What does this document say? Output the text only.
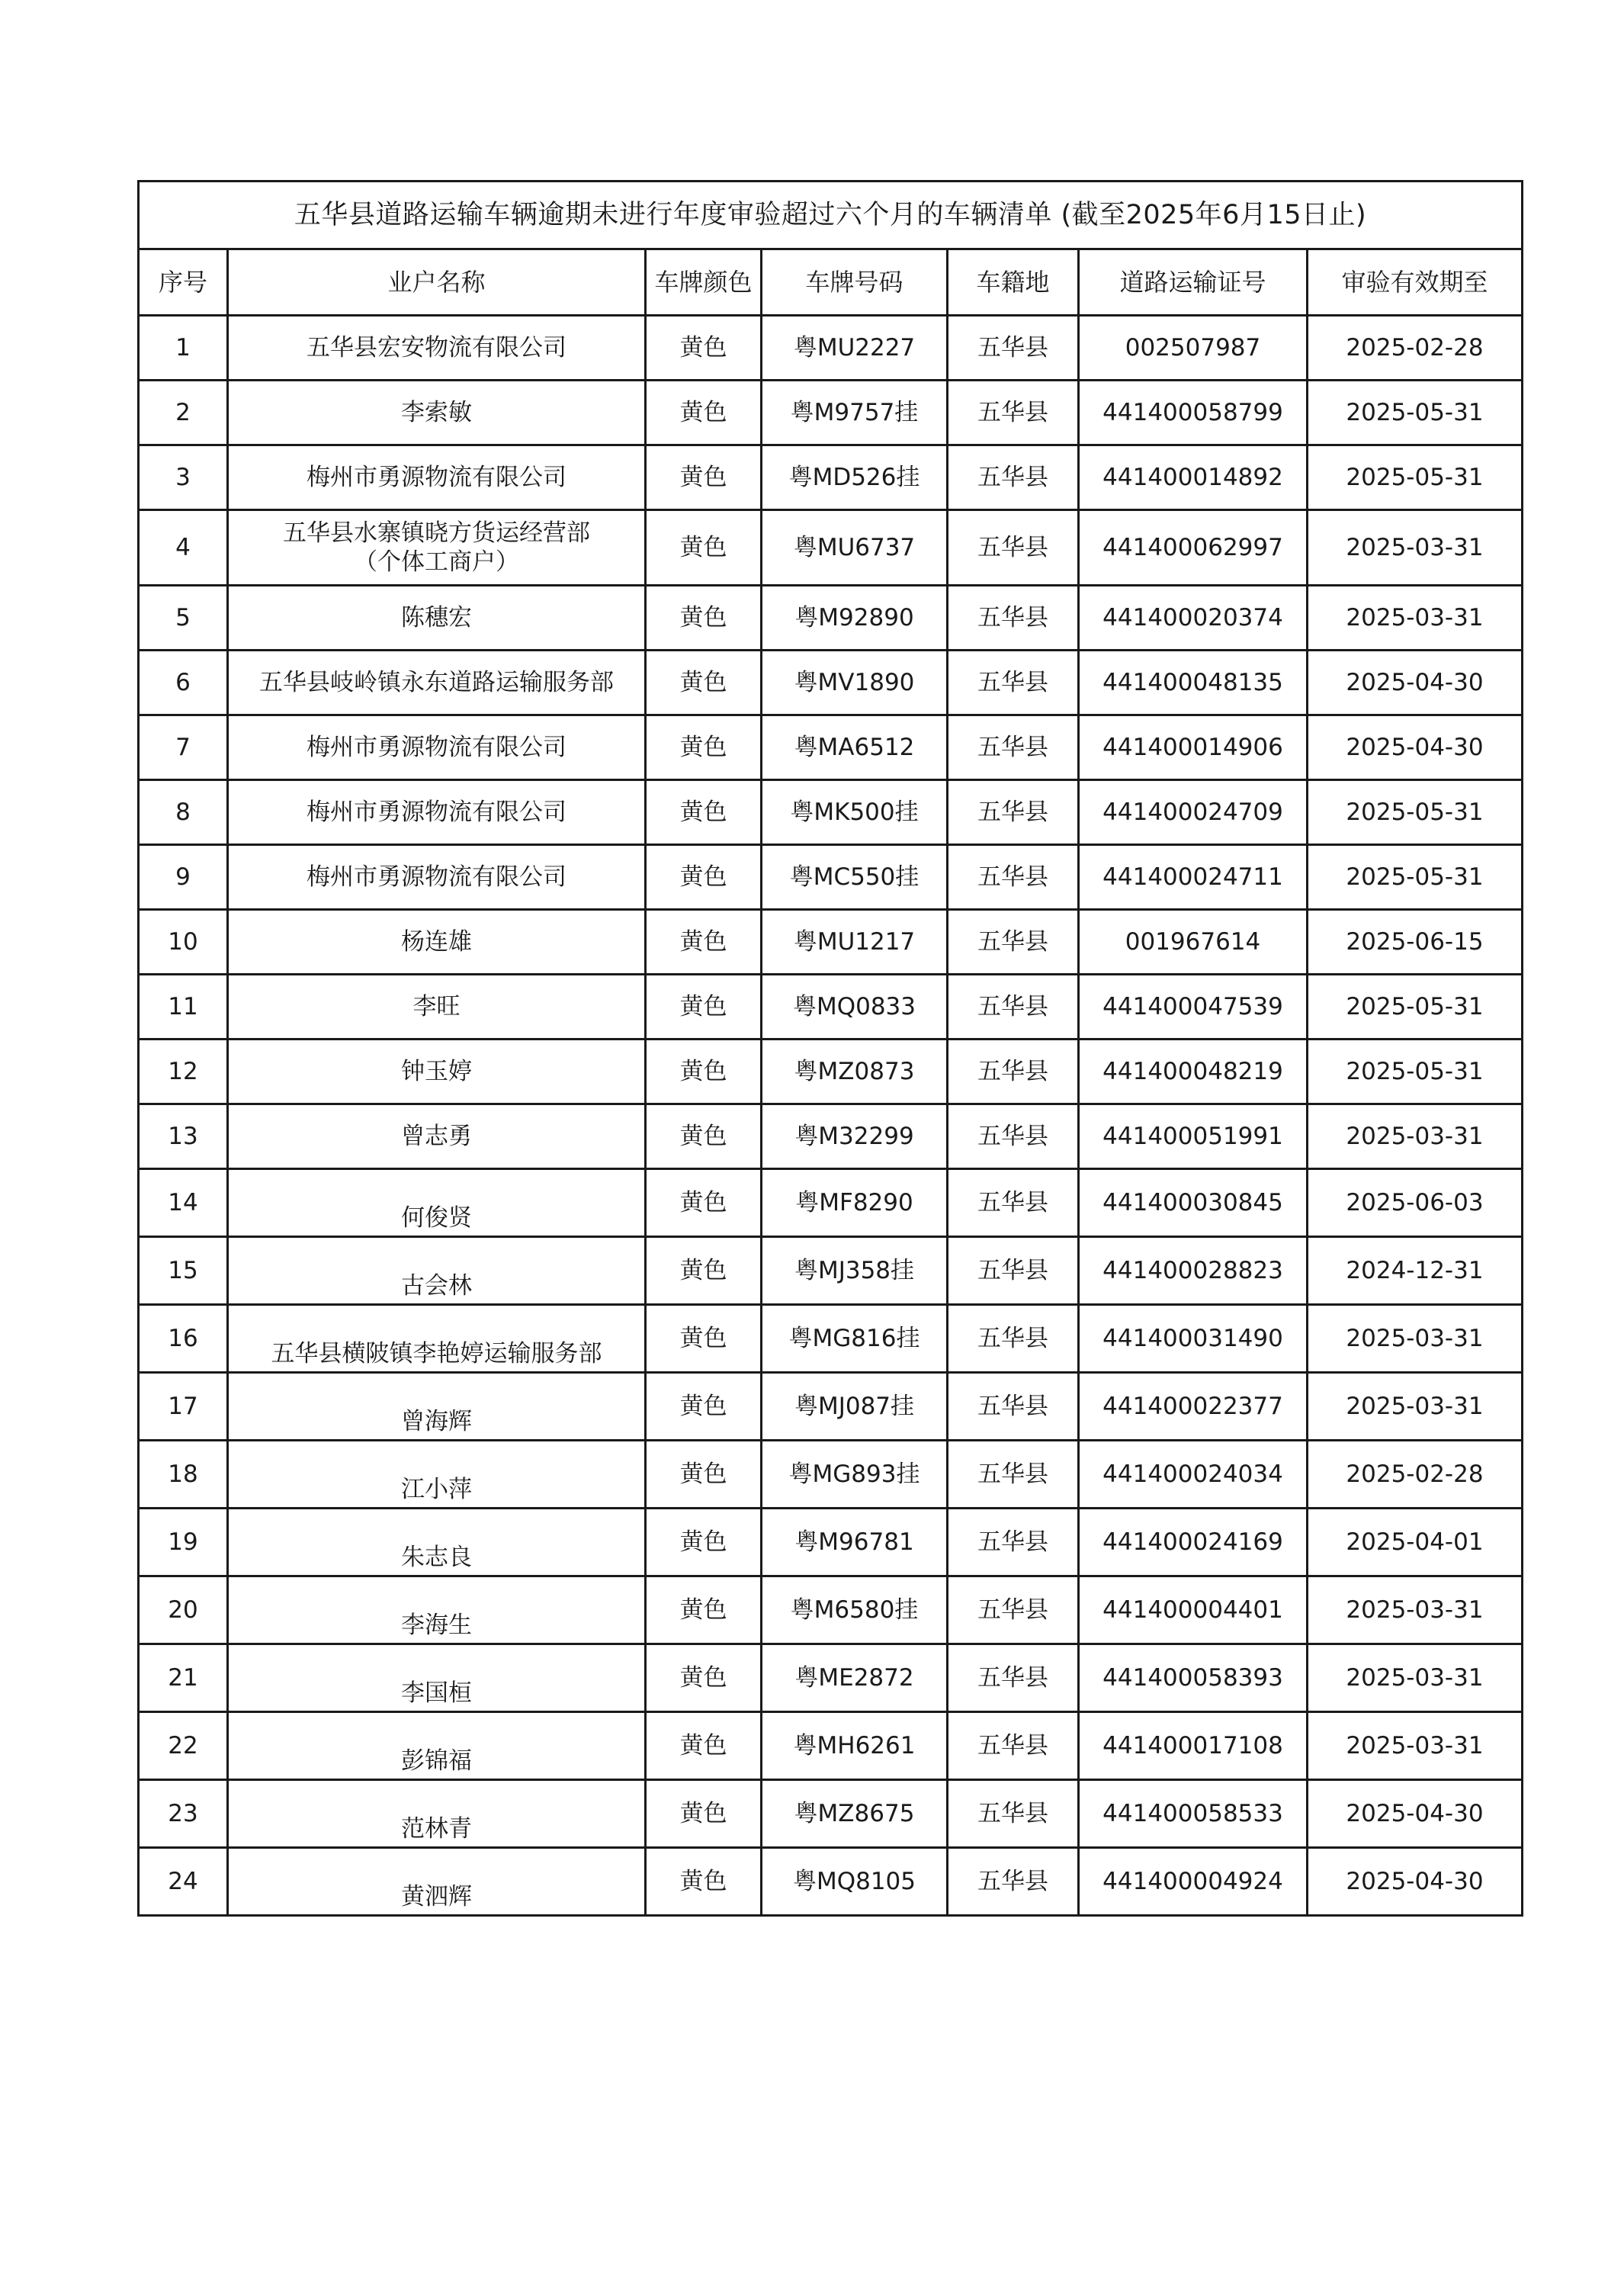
五华县道路运输车辆逾期未进行年度审验超过六个月的车辆清单 (截至2025年6月15日止)						
序号	业户名称	车牌颜色	车牌号码	车籍地	道路运输证号	审验有效期至
1	五华县宏安物流有限公司	黄色	粤MU2227	五华县	002507987	2025-02-28
2	李索敏	黄色	粤M9757挂	五华县	441400058799	2025-05-31
3	梅州市勇源物流有限公司	黄色	粤MD526挂	五华县	441400014892	2025-05-31
4	五华县水寨镇晓方货运经营部
（个体工商户）	黄色	粤MU6737	五华县	441400062997	2025-03-31
5	陈穗宏	黄色	粤M92890	五华县	441400020374	2025-03-31
6	五华县岐岭镇永东道路运输服务部	黄色	粤MV1890	五华县	441400048135	2025-04-30
7	梅州市勇源物流有限公司	黄色	粤MA6512	五华县	441400014906	2025-04-30
8	梅州市勇源物流有限公司	黄色	粤MK500挂	五华县	441400024709	2025-05-31
9	梅州市勇源物流有限公司	黄色	粤MC550挂	五华县	441400024711	2025-05-31
10	杨连雄	黄色	粤MU1217	五华县	001967614	2025-06-15
11	李旺	黄色	粤MQ0833	五华县	441400047539	2025-05-31
12	钟玉婷	黄色	粤MZ0873	五华县	441400048219	2025-05-31
13	曾志勇	黄色	粤M32299	五华县	441400051991	2025-03-31
14	何俊贤	黄色	粤MF8290	五华县	441400030845	2025-06-03
15	古会林	黄色	粤MJ358挂	五华县	441400028823	2024-12-31
16	五华县横陂镇李艳婷运输服务部	黄色	粤MG816挂	五华县	441400031490	2025-03-31
17	曾海辉	黄色	粤MJ087挂	五华县	441400022377	2025-03-31
18	江小萍	黄色	粤MG893挂	五华县	441400024034	2025-02-28
19	朱志良	黄色	粤M96781	五华县	441400024169	2025-04-01
20	李海生	黄色	粤M6580挂	五华县	441400004401	2025-03-31
21	李国桓	黄色	粤ME2872	五华县	441400058393	2025-03-31
22	彭锦福	黄色	粤MH6261	五华县	441400017108	2025-03-31
23	范林青	黄色	粤MZ8675	五华县	441400058533	2025-04-30
24	黄泗辉	黄色	粤MQ8105	五华县	441400004924	2025-04-30
